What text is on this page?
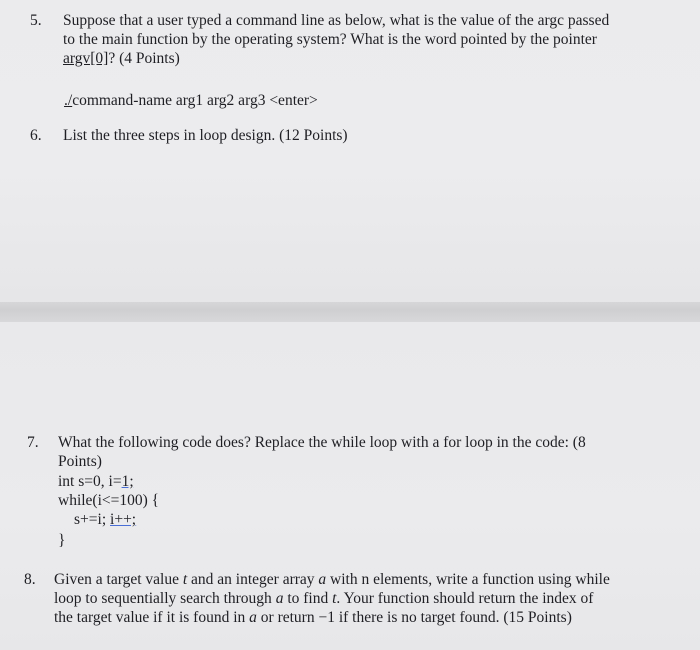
5.	Suppose that a user typed a command line as below, what is the value of the argc passed
to the main function by the operating system? What is the word pointed by the pointer
argv[0]? (4 Points)
./command-name arg1 arg2 arg3 <enter>
6.	List the three steps in loop design. (12 Points)
7.	What the following code does? Replace the while loop with a for loop in the code: (8
Points)
int s=0, i=1;
while(i<=100) {
s+=i; i++;
}
8.	Given a target value t and an integer array a with n elements, write a function using while
loop to sequentially search through a to find t. Your function should return the index of
the target value if it is found in a or return −1 if there is no target found. (15 Points)
